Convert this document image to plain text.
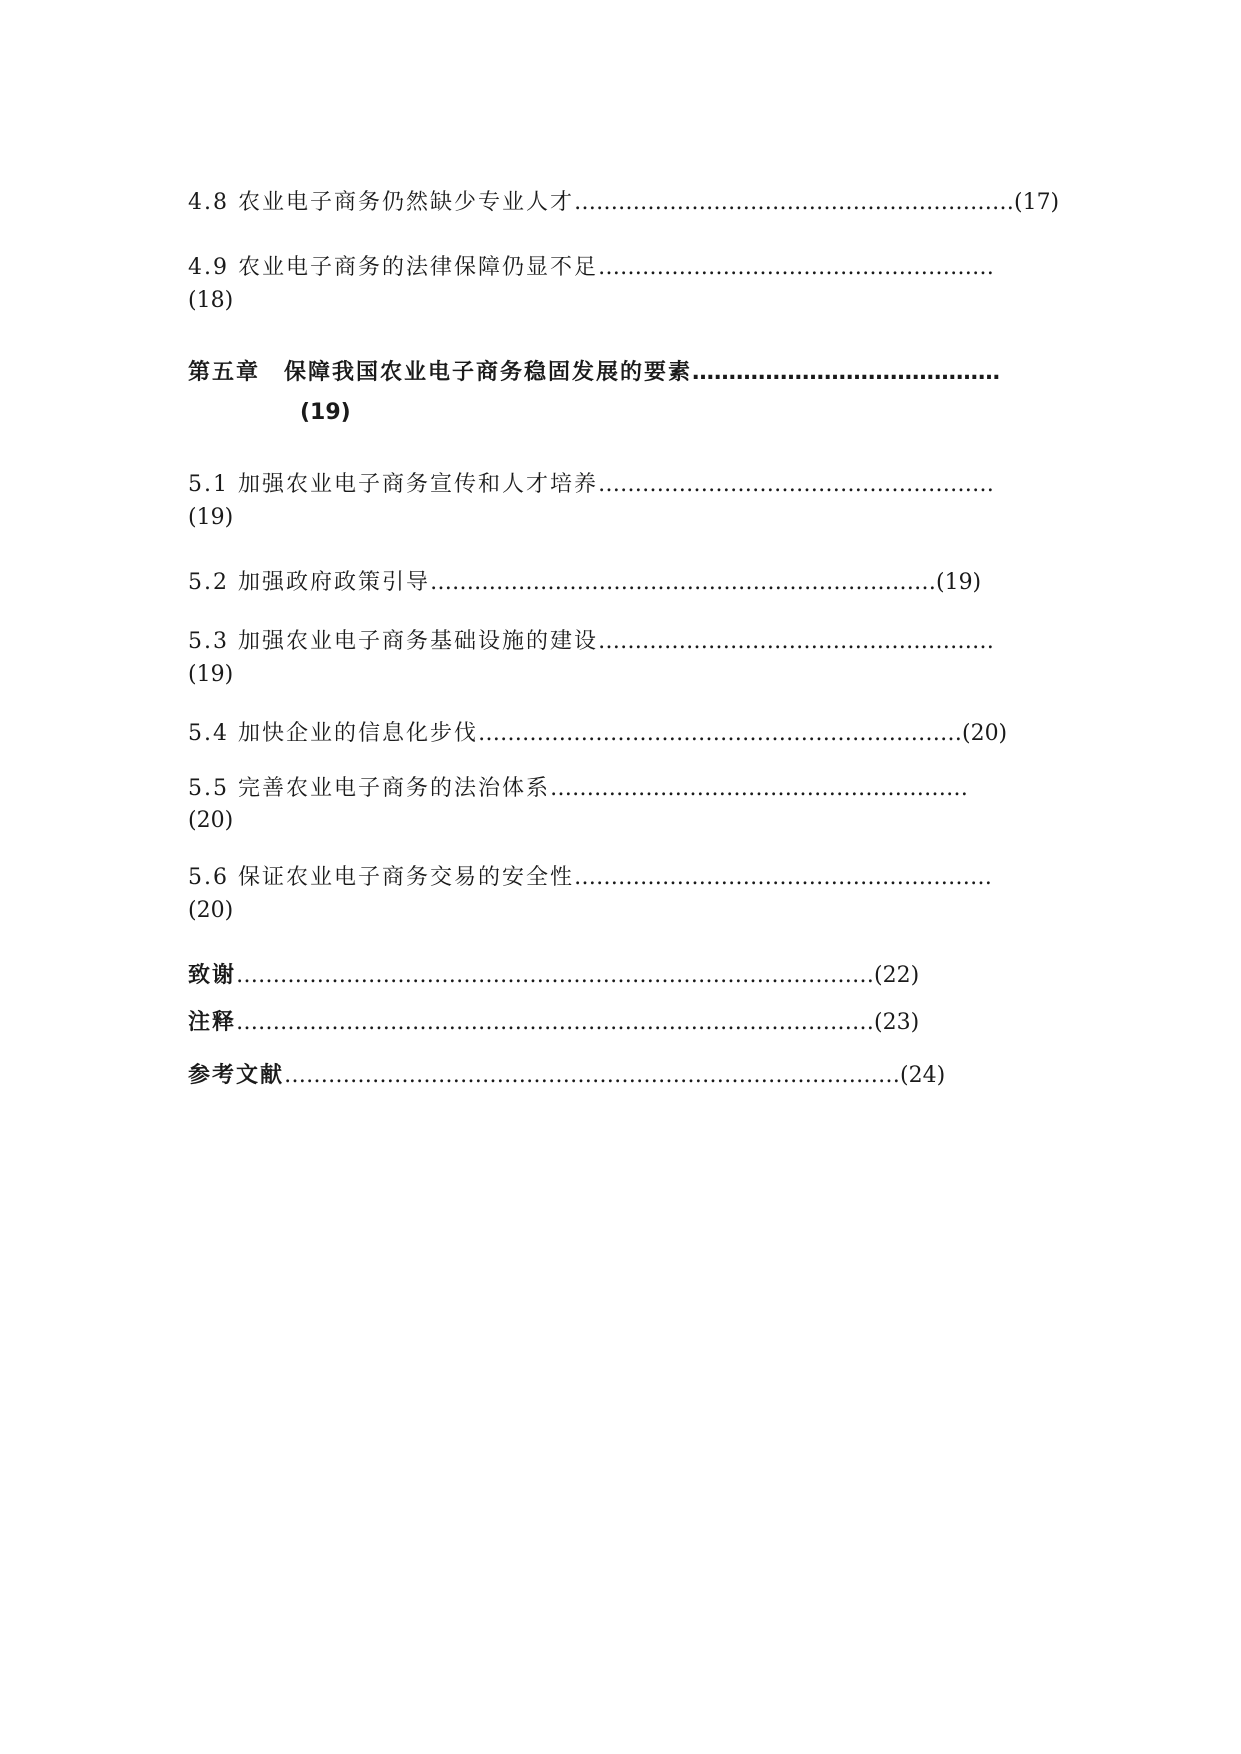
4.8 农业电子商务仍然缺少专业人才……………………………………………………(17)
4.9 农业电子商务的法律保障仍显不足………………………………………………
(18)
第五章　保障我国农业电子商务稳固发展的要素……………………………………
(19)
5.1 加强农业电子商务宣传和人才培养………………………………………………
(19)
5.2 加强政府政策引导……………………………………………………………(19)
5.3 加强农业电子商务基础设施的建设………………………………………………
(19)
5.4 加快企业的信息化步伐…………………………………………………………(20)
5.5 完善农业电子商务的法治体系…………………………………………………
(20)
5.6 保证农业电子商务交易的安全性…………………………………………………
(20)
致谢……………………………………………………………………………(22)
注释……………………………………………………………………………(23)
参考文献…………………………………………………………………………(24)
